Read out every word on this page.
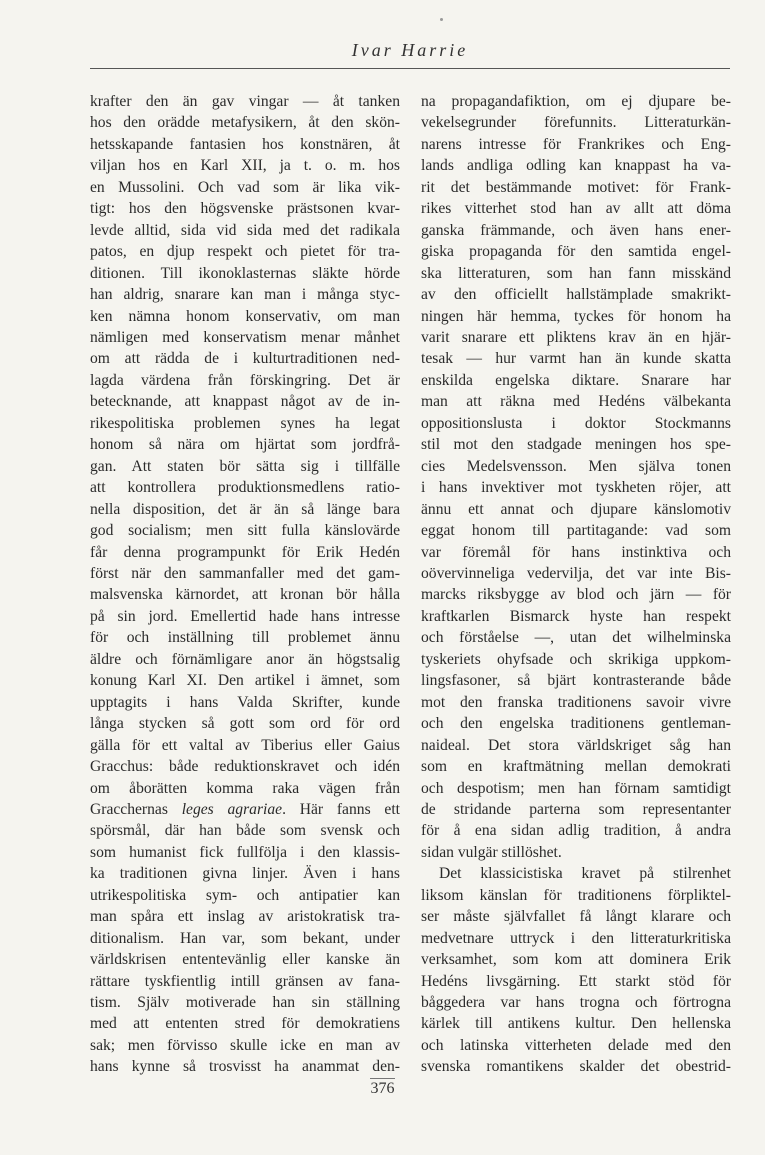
Ivar Harrie

krafter den än gav vingar — åt tanken
hos den orädde metafysikern, åt den skön-
hetsskapande fantasien hos konstnären, åt
viljan hos en Karl XII, ja t. o. m. hos
en Mussolini. Och vad som är lika vik-
tigt: hos den högsvenske prästsonen kvar-
levde alltid, sida vid sida med det radikala
patos, en djup respekt och pietet för tra-
ditionen. Till ikonoklasternas släkte hörde
han aldrig, snarare kan man i många styc-
ken nämna honom konservativ, om man
nämligen med konservatism menar månhet
om att rädda de i kulturtraditionen ned-
lagda värdena från förskingring. Det är
betecknande, att knappast något av de in-
rikespolitiska problemen synes ha legat
honom så nära om hjärtat som jordfrå-
gan. Att staten bör sätta sig i tillfälle
att kontrollera produktionsmedlens ratio-
nella disposition, det är än så länge bara
god socialism; men sitt fulla känslovärde
får denna programpunkt för Erik Hedén
först när den sammanfaller med det gam-
malsvenska kärnordet, att kronan bör hålla
på sin jord. Emellertid hade hans intresse
för och inställning till problemet ännu
äldre och förnämligare anor än högstsalig
konung Karl XI. Den artikel i ämnet, som
upptagits i hans Valda Skrifter, kunde
långa stycken så gott som ord för ord
gälla för ett valtal av Tiberius eller Gaius
Gracchus: både reduktionskravet och idén
om åborätten komma raka vägen från
Gracchernas leges agrariae. Här fanns ett
spörsmål, där han både som svensk och
som humanist fick fullfölja i den klassis-
ka traditionen givna linjer. Även i hans
utrikespolitiska sym- och antipatier kan
man spåra ett inslag av aristokratisk tra-
ditionalism. Han var, som bekant, under
världskrisen ententevänlig eller kanske än
rättare tyskfientlig intill gränsen av fana-
tism. Själv motiverade han sin ställning
med att ententen stred för demokratiens
sak; men förvisso skulle icke en man av
hans kynne så trosvisst ha anammat den-

na propagandafiktion, om ej djupare be-
vekelsegrunder förefunnits. Litteraturkän-
narens intresse för Frankrikes och Eng-
lands andliga odling kan knappast ha va-
rit det bestämmande motivet: för Frank-
rikes vitterhet stod han av allt att döma
ganska främmande, och även hans ener-
giska propaganda för den samtida engel-
ska litteraturen, som han fann misskänd
av den officiellt hallstämplade smakrikt-
ningen här hemma, tyckes för honom ha
varit snarare ett pliktens krav än en hjär-
tesak — hur varmt han än kunde skatta
enskilda engelska diktare. Snarare har
man att räkna med Hedéns välbekanta
oppositionslusta i doktor Stockmanns
stil mot den stadgade meningen hos spe-
cies Medelsvensson. Men själva tonen
i hans invektiver mot tyskheten röjer, att
ännu ett annat och djupare känslomotiv
eggat honom till partitagande: vad som
var föremål för hans instinktiva och
oövervinneliga vedervilja, det var inte Bis-
marcks riksbygge av blod och järn — för
kraftkarlen Bismarck hyste han respekt
och förståelse —, utan det wilhelminska
tyskeriets ohyfsade och skrikiga uppkom-
lingsfasoner, så bjärt kontrasterande både
mot den franska traditionens savoir vivre
och den engelska traditionens gentleman-
naideal. Det stora världskriget såg han
som en kraftmätning mellan demokrati
och despotism; men han förnam samtidigt
de stridande parterna som representanter
för å ena sidan adlig tradition, å andra
sidan vulgär stillöshet.

Det klassicistiska kravet på stilrenhet
liksom känslan för traditionens förpliktel-
ser måste självfallet få långt klarare och
medvetnare uttryck i den litteraturkritiska
verksamhet, som kom att dominera Erik
Hedéns livsgärning. Ett starkt stöd för
båggedera var hans trogna och förtrogna
kärlek till antikens kultur. Den hellenska
och latinska vitterheten delade med den
svenska romantikens skalder det obestrid-

376
